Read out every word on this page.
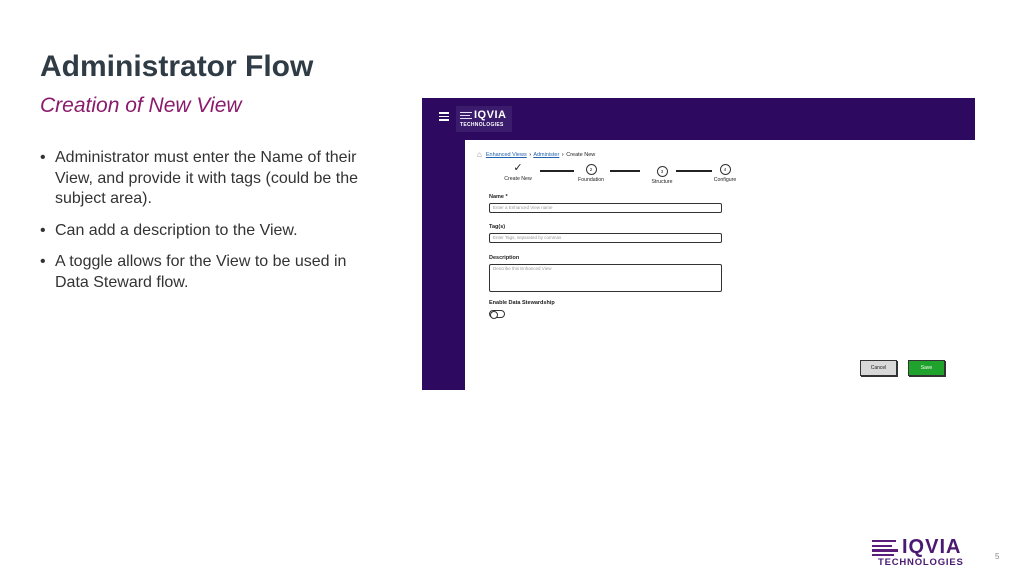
Administrator Flow
Creation of New View
• Administrator must enter the Name of their View, and provide it with tags (could be the subject area).
• Can add a description to the View.
• A toggle allows for the View to be used in Data Steward flow.
IQVIA
TECHNOLOGIES
⌂ Enhanced Views › Administer › Create New
✓
Create New
2
Foundation
3
Structure
4
Configure
Name *
Enter a Enhanced View name
Tag(s)
Enter Tags, separated by commas
Description
Describe this Enhanced View
Enable Data Stewardship
Cancel	Save
IQVIA
TECHNOLOGIES
5
